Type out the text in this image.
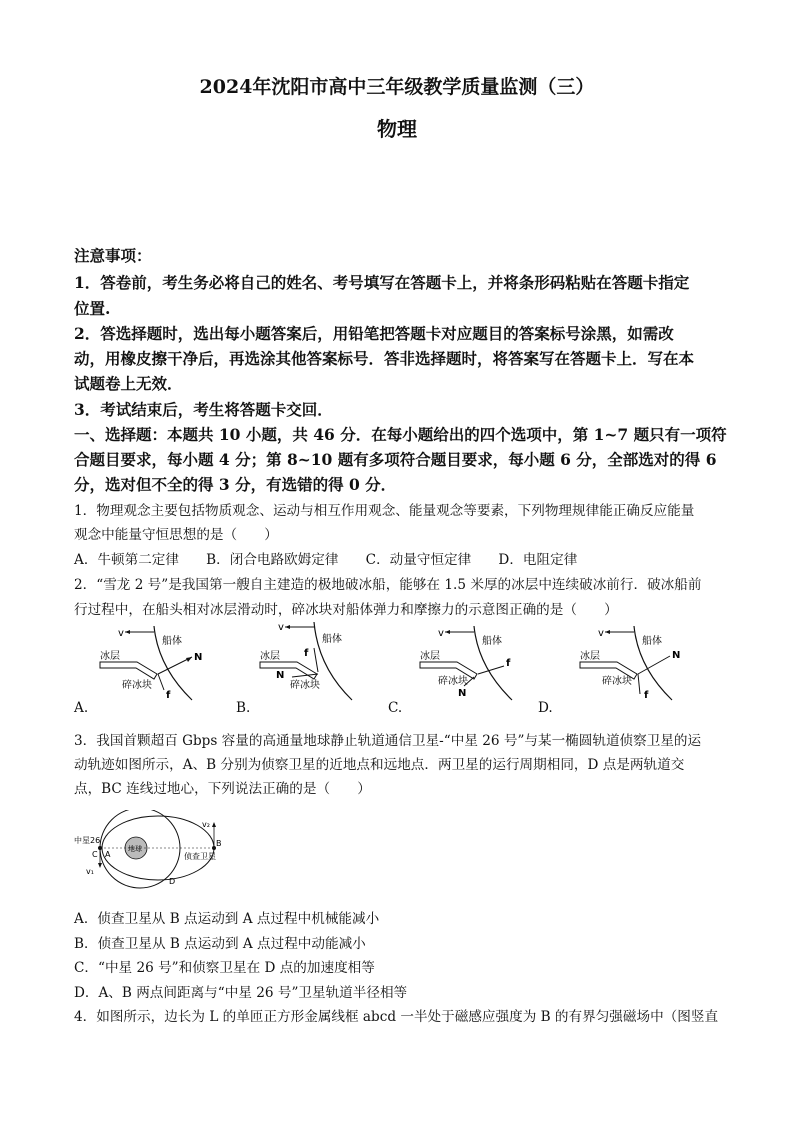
2024年沈阳市高中三年级教学质量监测（三）
物理
注意事项：
1．答卷前，考生务必将自己的姓名、考号填写在答题卡上，并将条形码粘贴在答题卡指定
位置.
2．答选择题时，选出每小题答案后，用铅笔把答题卡对应题目的答案标号涂黑，如需改
动，用橡皮擦干净后，再选涂其他答案标号．答非选择题时，将答案写在答题卡上．写在本
试题卷上无效．
3．考试结束后，考生将答题卡交回．
一、选择题：本题共 10 小题，共 46 分．在每小题给出的四个选项中，第 1~7 题只有一项符
合题目要求，每小题 4 分；第 8~10 题有多项符合题目要求，每小题 6 分，全部选对的得 6
分，选对但不全的得 3 分，有选错的得 0 分．
1．物理观念主要包括物质观念、运动与相互作用观念、能量观念等要素，下列物理规律能正确反应能量
观念中能量守恒思想的是（　　）
A．牛顿第二定律　　B．闭合电路欧姆定律　　C．动量守恒定律　　D．电阻定律
2．“雪龙 2 号”是我国第一艘自主建造的极地破冰船，能够在 1.5 米厚的冰层中连续破冰前行．破冰船前
行过程中，在船头相对冰层滑动时，碎冰块对船体弹力和摩擦力的示意图正确的是（　　）
v
船体
冰层	N
f
碎冰块
v
船体
冰层 f
N
碎冰块
v
船体
冰层
f
N
碎冰块
v
船体
冰层	N
f
碎冰块
A.	B.	C.	D.
3．我国首颗超百 Gbps 容量的高通量地球静止轨道通信卫星-“中星 26 号”与某一椭圆轨道侦察卫星的运
动轨迹如图所示，A、B 分别为侦察卫星的近地点和远地点．两卫星的运行周期相同，D 点是两轨道交
点，BC 连线过地心，下列说法正确的是（　　）
地球
中星26
C A
B
侦查卫星
D
v₂
v₁
A．侦查卫星从 B 点运动到 A 点过程中机械能减小
B．侦查卫星从 B 点运动到 A 点过程中动能减小
C．“中星 26 号”和侦察卫星在 D 点的加速度相等
D．A、B 两点间距离与“中星 26 号”卫星轨道半径相等
4．如图所示，边长为 L 的单匝正方形金属线框 abcd 一半处于磁感应强度为 B 的有界匀强磁场中（图竖直
